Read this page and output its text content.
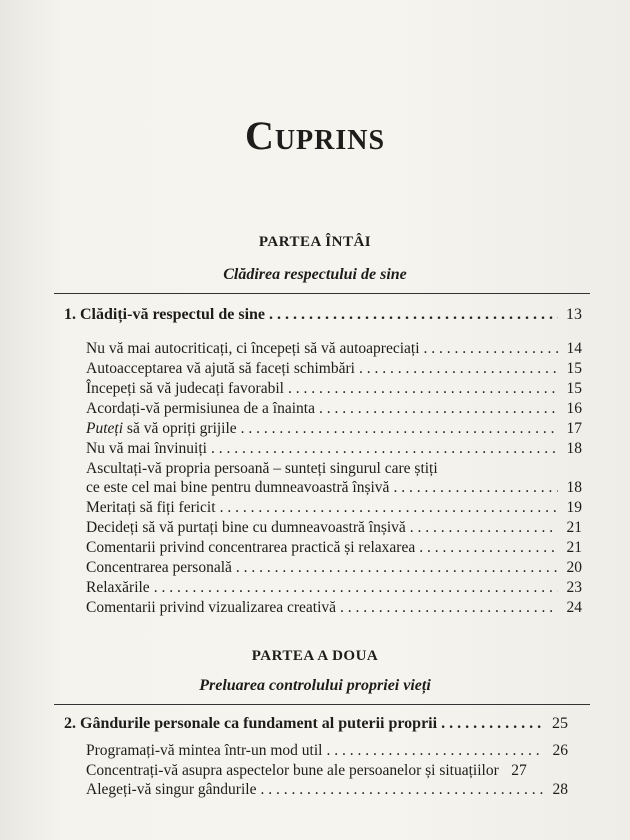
Cuprins
PARTEA ÎNTÂI
Clădirea respectului de sine
1. Clădiți-vă respectul de sine . . .	13
Nu vă mai autocriticați, ci începeți să vă autoapreciați . . .	14
Autoacceptarea vă ajută să faceți schimbări . . .	15
Începeți să vă judecați favorabil . . .	15
Acordați-vă permisiunea de a înainta . . .	16
Puteți să vă opriți grijile . . .	17
Nu vă mai învinuiți . . .	18
Ascultați-vă propria persoană – sunteți singurul care știți
ce este cel mai bine pentru dumneavoastră înșivă . . .	18
Meritați să fiți fericit . . .	19
Decideți să vă purtați bine cu dumneavoastră înșivă . . .	21
Comentarii privind concentrarea practică și relaxarea . . .	21
Concentrarea personală . . .	20
Relaxările . . .	23
Comentarii privind vizualizarea creativă . . .	24
PARTEA A DOUA
Preluarea controlului propriei vieți
2. Gândurile personale ca fundament al puterii proprii . . .	25
Programați-vă mintea într-un mod util . . .	26
Concentrați-vă asupra aspectelor bune ale persoanelor și situațiilor 27
Alegeți-vă singur gândurile . . .	28
